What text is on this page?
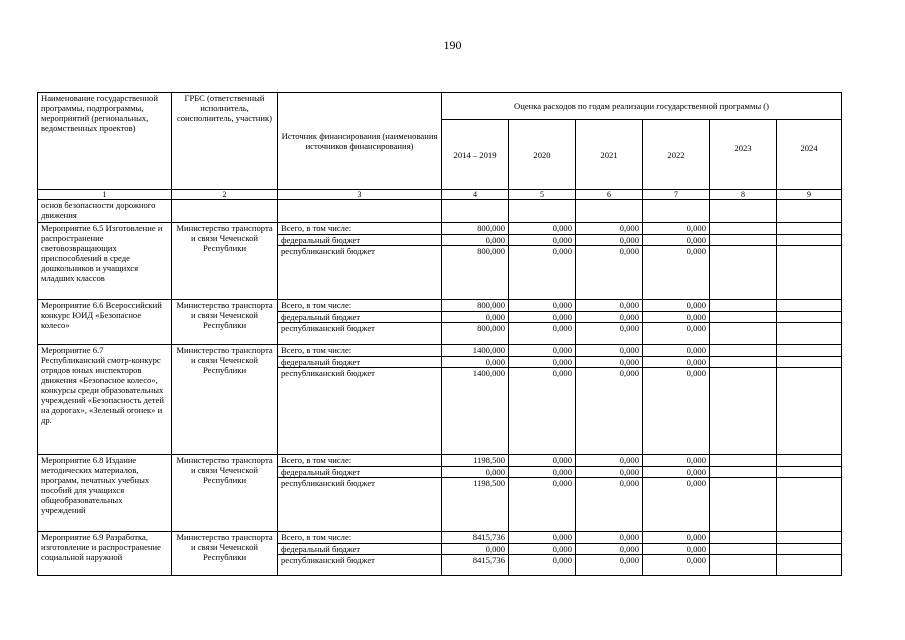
190
Наименование государственной программы, подпрограммы, мероприятий (региональных, ведомственных проектов)	ГРБС (ответственный исполнитель, соисполнитель, участник)	Источник финансирования (наименования источников финансирования)	Оценка расходов по годам реализации государственной программы ()					
			2014 – 2019	2020	2021	2022	2023	2024
1	2	3	4	5	6	7	8	9
основ безопасности дорожного движения								
Мероприятие 6.5 Изготовление и распространение световозвращающих приспособлений в среде дошкольников и учащихся младших классов	Министерство транспорта и связи Чеченской Республики	Всего, в том числе:	800,000	0,000	0,000	0,000		
		федеральный бюджет	0,000	0,000	0,000	0,000		
		республиканский бюджет	800,000	0,000	0,000	0,000		
Мероприятие 6.6 Всероссийский конкурс ЮИД «Безопасное колесо»	Министерство транспорта и связи Чеченской Республики	Всего, в том числе:	800,000	0,000	0,000	0,000		
		федеральный бюджет	0,000	0,000	0,000	0,000		
		республиканский бюджет	800,000	0,000	0,000	0,000		
Мероприятие 6.7 Республиканский смотр-конкурс отрядов юных инспекторов движения «Безопасное колесо», конкурсы среди образовательных учреждений «Безопасность детей на дорогах», «Зеленый огонек» и др.	Министерство транспорта и связи Чеченской Республики	Всего, в том числе:	1400,000	0,000	0,000	0,000		
		федеральный бюджет	0,000	0,000	0,000	0,000		
		республиканский бюджет	1400,000	0,000	0,000	0,000		
Мероприятие 6.8 Издание методических материалов, программ, печатных учебных пособий для учащихся общеобразовательных учреждений	Министерство транспорта и связи Чеченской Республики	Всего, в том числе:	1198,500	0,000	0,000	0,000		
		федеральный бюджет	0,000	0,000	0,000	0,000		
		республиканский бюджет	1198,500	0,000	0,000	0,000		
Мероприятие 6.9 Разработка, изготовление и распространение социальной наружной	Министерство транспорта и связи Чеченской Республики	Всего, в том числе:	8415,736	0,000	0,000	0,000		
		федеральный бюджет	0,000	0,000	0,000	0,000		
		республиканский бюджет	8415,736	0,000	0,000	0,000		
